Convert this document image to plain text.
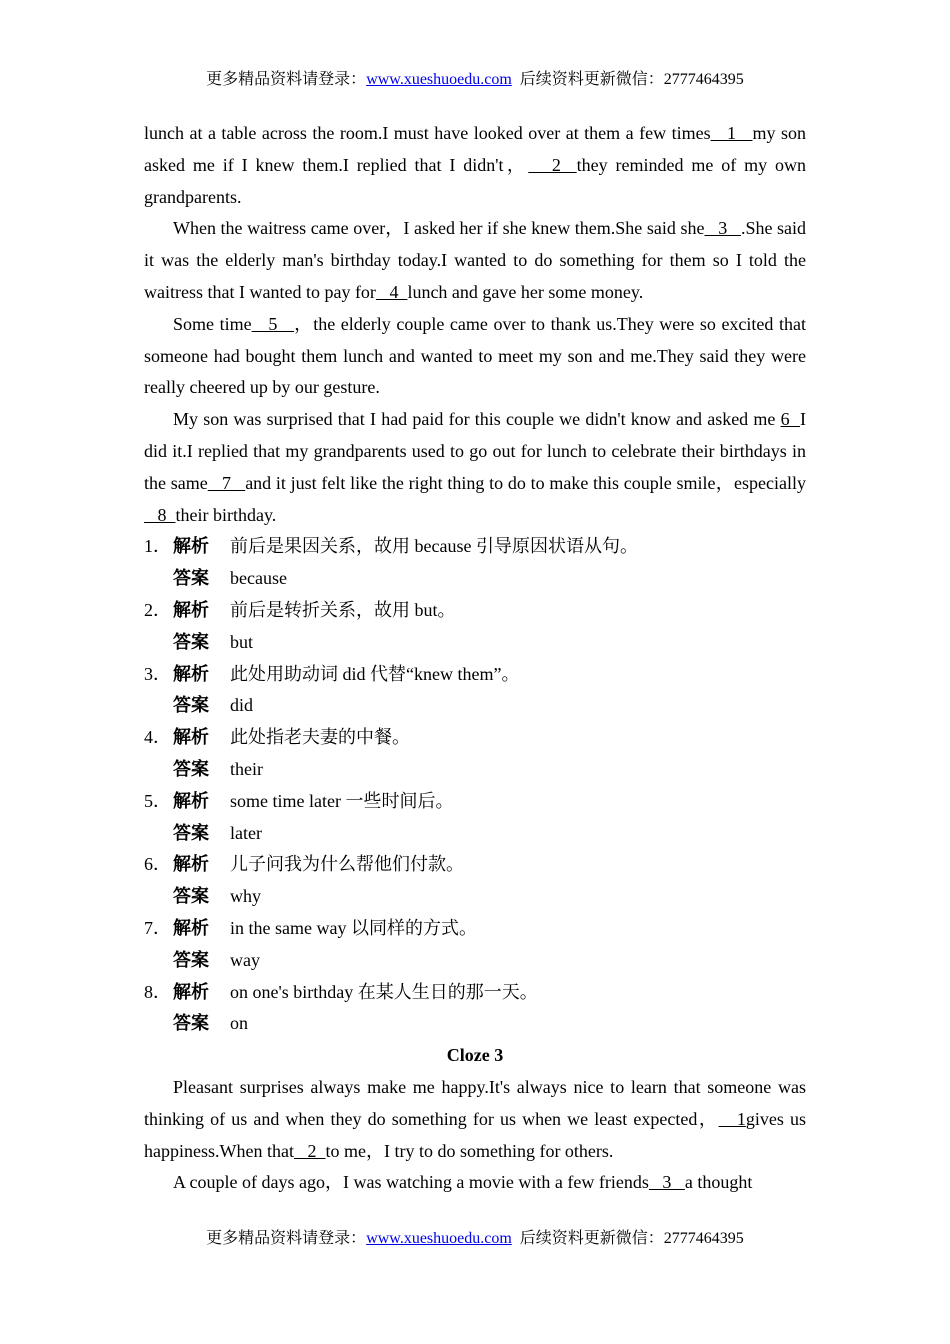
更多精品资料请登录：www.xueshuoedu.com  后续资料更新微信：2777464395

lunch at a table across the room.I must have looked over at them a few times   1   my son asked me if I knew them.I replied that I didn't，   2  they reminded me of my own grandparents.

When the waitress came over，I asked her if she knew them.She said she   3   .She said it was the elderly man's birthday today.I wanted to do something for them so I told the waitress that I wanted to pay for   4  lunch and gave her some money.

Some time   5   ，the elderly couple came over to thank us.They were so excited that someone had bought them lunch and wanted to meet my son and me.They said they were really cheered up by our gesture.

My son was surprised that I had paid for this couple we didn't know and asked me 6  I did it.I replied that my grandparents used to go out for lunch to celebrate their birthdays in the same   7   and it just felt like the right thing to do to make this couple smile，especially   8  their birthday.

1． 解析 前后是果因关系，故用 because 引导原因状语从句。

答案 because

2． 解析 前后是转折关系，故用 but。

答案 but

3． 解析 此处用助动词 did 代替“knew them”。

答案 did

4． 解析 此处指老夫妻的中餐。

答案 their

5． 解析 some time later 一些时间后。

答案 later

6． 解析 儿子问我为什么帮他们付款。

答案 why

7． 解析 in the same way 以同样的方式。

答案 way

8． 解析 on one's birthday 在某人生日的那一天。

答案 on

Cloze 3

Pleasant surprises always make me happy.It's always nice to learn that someone was thinking of us and when they do something for us when we least expected，   1gives us happiness.When that   2  to me，I try to do something for others.

A couple of days ago，I was watching a movie with a few friends   3   a thought

更多精品资料请登录：www.xueshuoedu.com  后续资料更新微信：2777464395
